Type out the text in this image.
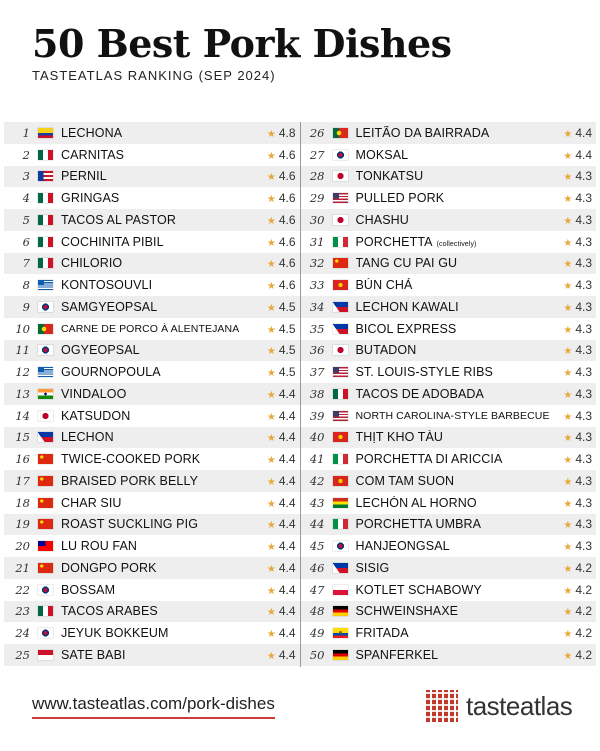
50 Best Pork Dishes
TASTEATLAS RANKING (SEP 2024)
1	LECHONA	★ 4.8
2	CARNITAS	★ 4.6
3	PERNIL	★ 4.6
4	GRINGAS	★ 4.6
5	TACOS AL PASTOR	★ 4.6
6	COCHINITA PIBIL	★ 4.6
7	CHILORIO	★ 4.6
8	KONTOSOUVLI	★ 4.6
9	SAMGYEOPSAL	★ 4.5
10	CARNE DE PORCO À ALENTEJANA	★ 4.5
11	OGYEOPSAL	★ 4.5
12	GOURNOPOULA	★ 4.5
13	VINDALOO	★ 4.4
14	KATSUDON	★ 4.4
15	LECHON	★ 4.4
16	TWICE-COOKED PORK	★ 4.4
17	BRAISED PORK BELLY	★ 4.4
18	CHAR SIU	★ 4.4
19	ROAST SUCKLING PIG	★ 4.4
20	LU ROU FAN	★ 4.4
21	DONGPO PORK	★ 4.4
22	BOSSAM	★ 4.4
23	TACOS ARABES	★ 4.4
24	JEYUK BOKKEUM	★ 4.4
25	SATE BABI	★ 4.4
26	LEITÃO DA BAIRRADA	★ 4.4
27	MOKSAL	★ 4.4
28	TONKATSU	★ 4.3
29	PULLED PORK	★ 4.3
30	CHASHU	★ 4.3
31	PORCHETTA (collectively)	★ 4.3
32	TANG CU PAI GU	★ 4.3
33	BÚN CHẢ	★ 4.3
34	LECHON KAWALI	★ 4.3
35	BICOL EXPRESS	★ 4.3
36	BUTADON	★ 4.3
37	ST. LOUIS-STYLE RIBS	★ 4.3
38	TACOS DE ADOBADA	★ 4.3
39	NORTH CAROLINA-STYLE BARBECUE	★ 4.3
40	THỊT KHO TÀU	★ 4.3
41	PORCHETTA DI ARICCIA	★ 4.3
42	COM TAM SUON	★ 4.3
43	LECHÓN AL HORNO	★ 4.3
44	PORCHETTA UMBRA	★ 4.3
45	HANJEONGSAL	★ 4.3
46	SISIG	★ 4.2
47	KOTLET SCHABOWY	★ 4.2
48	SCHWEINSHAXE	★ 4.2
49	FRITADA	★ 4.2
50	SPANFERKEL	★ 4.2
www.tasteatlas.com/pork-dishes	tasteatlas
